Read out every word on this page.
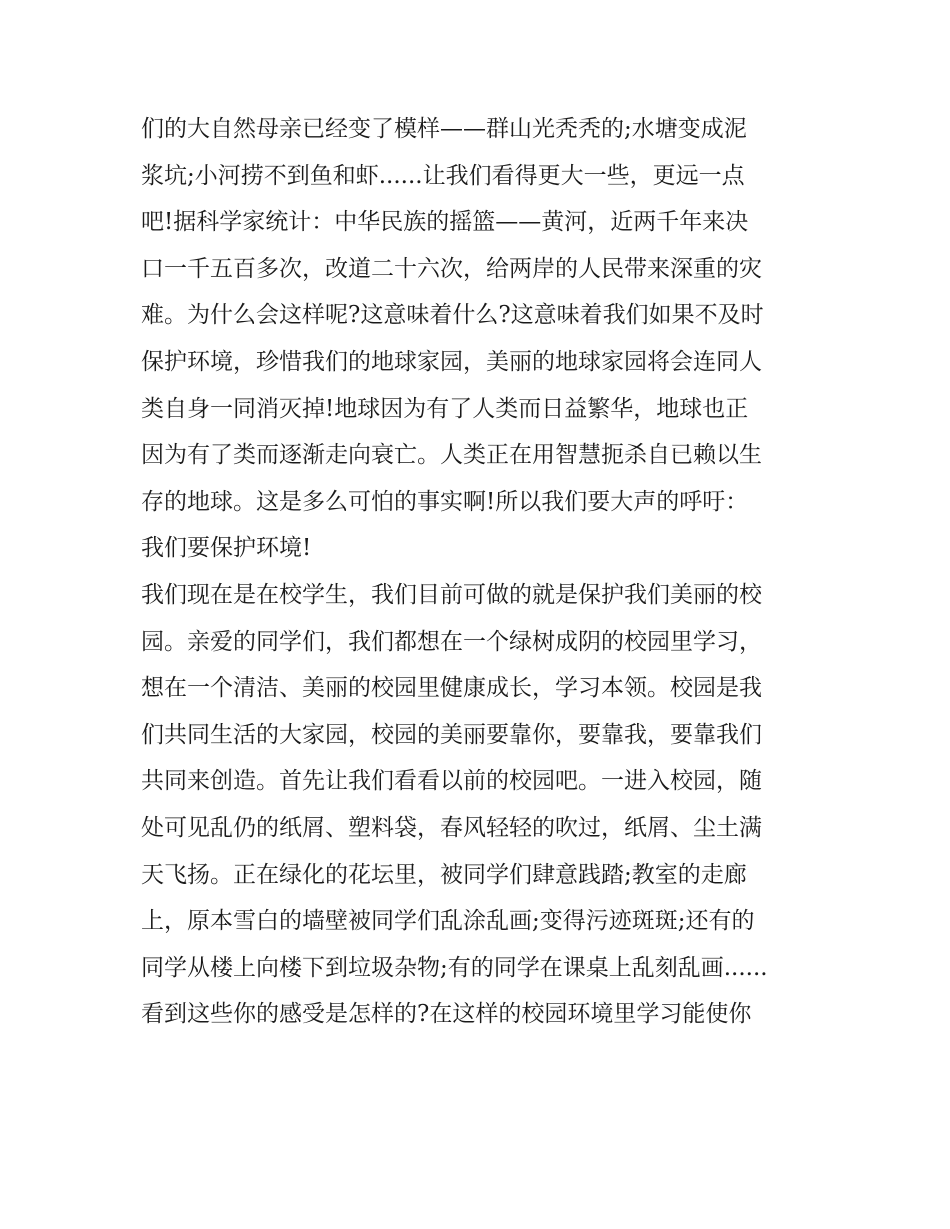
们的大自然母亲已经变了模样——群山光秃秃的;水塘变成泥
浆坑;小河捞不到鱼和虾......让我们看得更大一些，更远一点
吧!据科学家统计：中华民族的摇篮——黄河，近两千年来决
口一千五百多次，改道二十六次，给两岸的人民带来深重的灾
难。为什么会这样呢?这意味着什么?这意味着我们如果不及时
保护环境，珍惜我们的地球家园，美丽的地球家园将会连同人
类自身一同消灭掉!地球因为有了人类而日益繁华，地球也正
因为有了类而逐渐走向衰亡。人类正在用智慧扼杀自已赖以生
存的地球。这是多么可怕的事实啊!所以我们要大声的呼吁：
我们要保护环境!
我们现在是在校学生，我们目前可做的就是保护我们美丽的校
园。亲爱的同学们，我们都想在一个绿树成阴的校园里学习，
想在一个清洁、美丽的校园里健康成长，学习本领。校园是我
们共同生活的大家园，校园的美丽要靠你，要靠我，要靠我们
共同来创造。首先让我们看看以前的校园吧。一进入校园，随
处可见乱仍的纸屑、塑料袋，春风轻轻的吹过，纸屑、尘土满
天飞扬。正在绿化的花坛里，被同学们肆意践踏;教室的走廊
上，原本雪白的墙壁被同学们乱涂乱画;变得污迹斑斑;还有的
同学从楼上向楼下到垃圾杂物;有的同学在课桌上乱刻乱画......
看到这些你的感受是怎样的?在这样的校园环境里学习能使你
